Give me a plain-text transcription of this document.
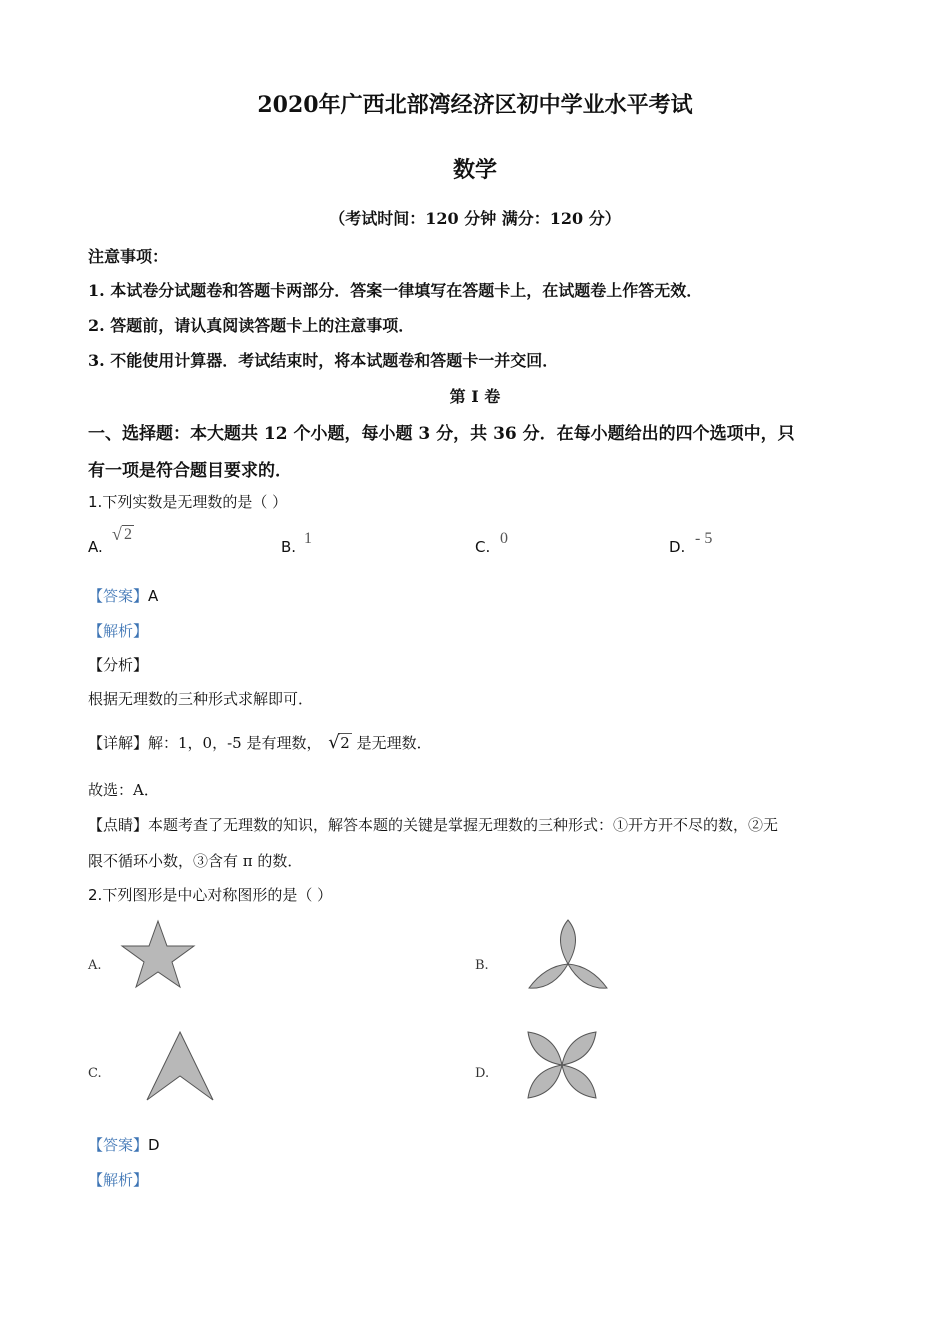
2020年广西北部湾经济区初中学业水平考试
数学
（考试时间：120 分钟 满分：120 分）
注意事项：
1. 本试卷分试题卷和答题卡两部分．答案一律填写在答题卡上，在试题卷上作答无效．
2. 答题前，请认真阅读答题卡上的注意事项．
3. 不能使用计算器．考试结束时，将本试题卷和答题卡一并交回．
第 I 卷
一、选择题：本大题共 12 个小题，每小题 3 分，共 36 分．在每小题给出的四个选项中，只
有一项是符合题目要求的．
1.下列实数是无理数的是（ ）
A.
√ 2
B. 1	C. 0	D. - 5
【答案】A
【解析】
【分析】
根据无理数的三种形式求解即可．
【详解】解：1，0，-5 是有理数， √ 2 是无理数．
故选：A．
【点睛】本题考查了无理数的知识，解答本题的关键是掌握无理数的三种形式：①开方开不尽的数，②无
限不循环小数，③含有 π 的数．
2.下列图形是中心对称图形的是（ ）
A.	B.
C.	D.
【答案】D
【解析】
